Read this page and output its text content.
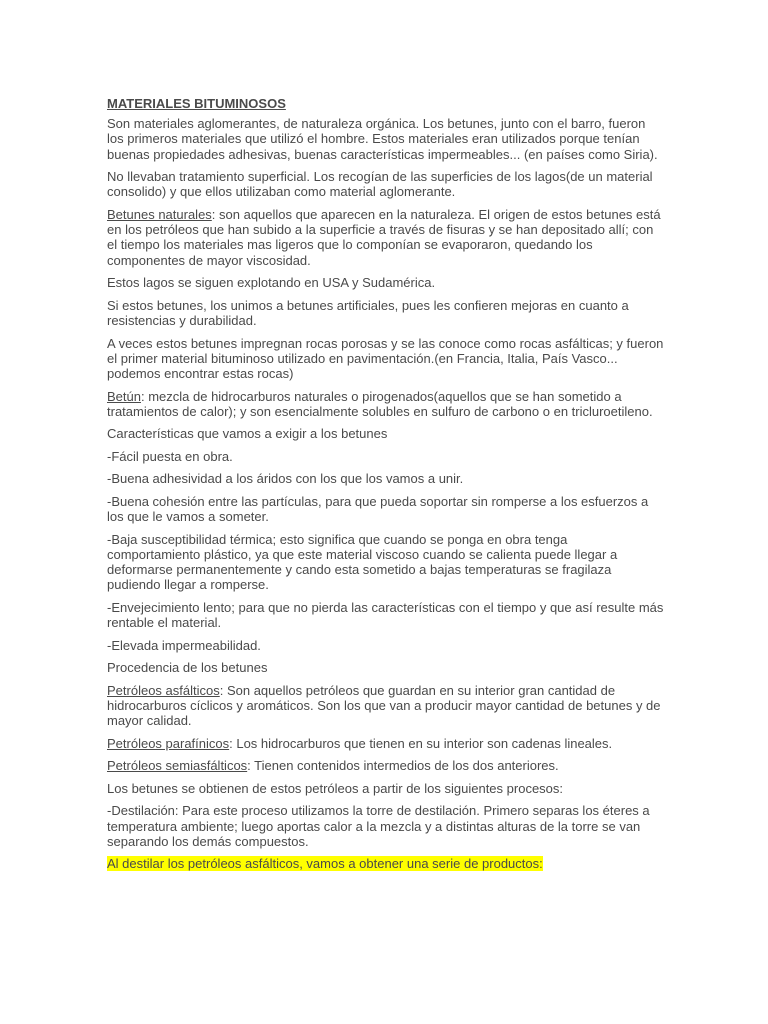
MATERIALES BITUMINOSOS

Son materiales aglomerantes, de naturaleza orgánica. Los betunes, junto con el barro, fueron los primeros materiales que utilizó el hombre. Estos materiales eran utilizados porque tenían buenas propiedades adhesivas, buenas características impermeables... (en países como Siria).

No llevaban tratamiento superficial. Los recogían de las superficies de los lagos(de un material consolido) y que ellos utilizaban como material aglomerante.

Betunes naturales: son aquellos que aparecen en la naturaleza. El origen de estos betunes está en los petróleos que han subido a la superficie a través de fisuras y se han depositado allí; con el tiempo los materiales mas ligeros que lo componían se evaporaron, quedando los componentes de mayor viscosidad.

Estos lagos se siguen explotando en USA y Sudamérica.

Si estos betunes, los unimos a betunes artificiales, pues les confieren mejoras en cuanto a resistencias y durabilidad.

A veces estos betunes impregnan rocas porosas y se las conoce como rocas asfálticas; y fueron el primer material bituminoso utilizado en pavimentación.(en Francia, Italia, País Vasco... podemos encontrar estas rocas)

Betún: mezcla de hidrocarburos naturales o pirogenados(aquellos que se han sometido a tratamientos de calor); y son esencialmente solubles en sulfuro de carbono o en tricluroetileno.

Características que vamos a exigir a los betunes

-Fácil puesta en obra.

-Buena adhesividad a los áridos con los que los vamos a unir.

-Buena cohesión entre las partículas, para que pueda soportar sin romperse a los esfuerzos a los que le vamos a someter.

-Baja susceptibilidad térmica; esto significa que cuando se ponga en obra tenga comportamiento plástico, ya que este material viscoso cuando se calienta puede llegar a deformarse permanentemente y cando esta sometido a bajas temperaturas se fragilaza pudiendo llegar a romperse.

-Envejecimiento lento; para que no pierda las características con el tiempo y que así resulte más rentable el material.

-Elevada impermeabilidad.

Procedencia de los betunes

Petróleos asfálticos: Son aquellos petróleos que guardan en su interior gran cantidad de hidrocarburos cíclicos y aromáticos. Son los que van a producir mayor cantidad de betunes y de mayor calidad.

Petróleos parafínicos: Los hidrocarburos que tienen en su interior son cadenas lineales.

Petróleos semiasfálticos: Tienen contenidos intermedios de los dos anteriores.

Los betunes se obtienen de estos petróleos a partir de los siguientes procesos:

-Destilación: Para este proceso utilizamos la torre de destilación. Primero separas los éteres a temperatura ambiente; luego aportas calor a la mezcla y a distintas alturas de la torre se van separando los demás compuestos.

Al destilar los petróleos asfálticos, vamos a obtener una serie de productos:
